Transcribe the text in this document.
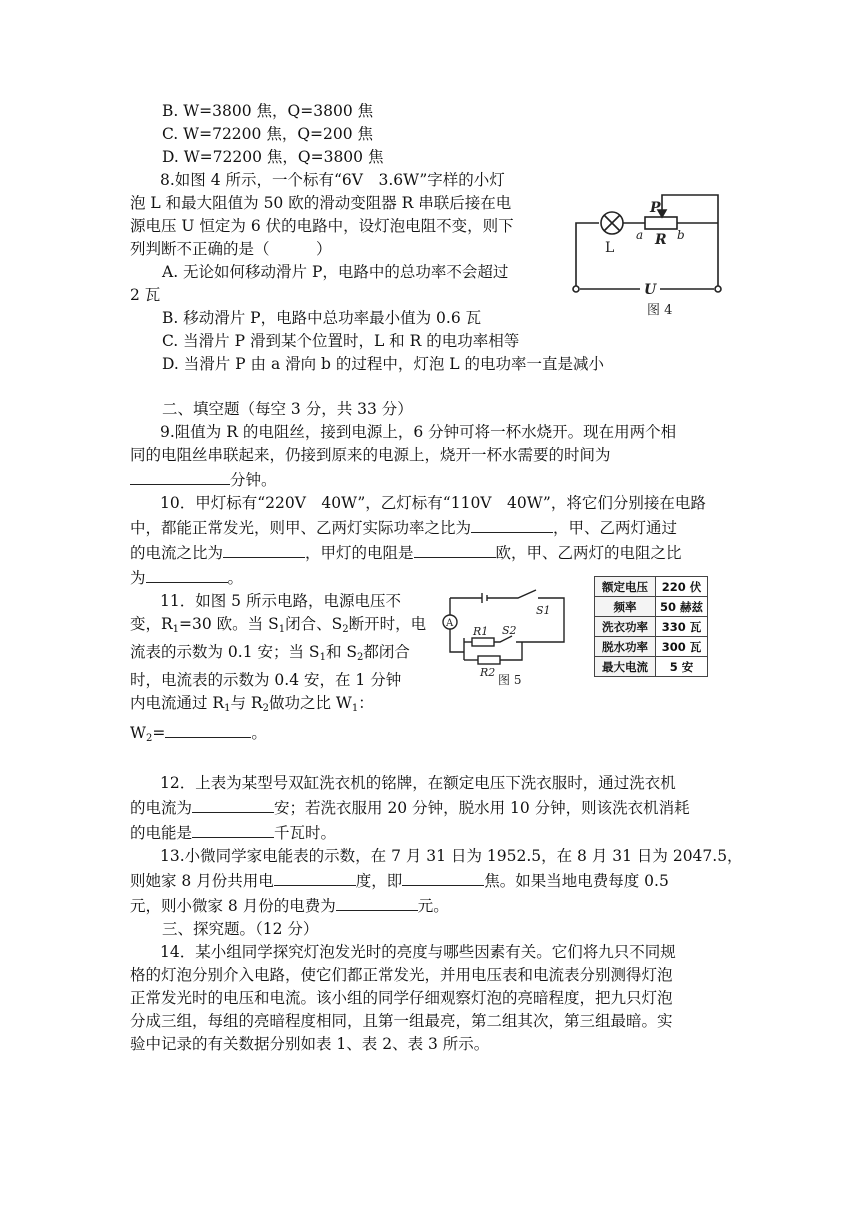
B. W=3800 焦，Q=3800 焦
C. W=72200 焦，Q=200 焦
D. W=72200 焦，Q=3800 焦
8.如图 4 所示，一个标有“6V　3.6W”字样的小灯
泡 L 和最大阻值为 50 欧的滑动变阻器 R 串联后接在电
源电压 U 恒定为 6 伏的电路中，设灯泡电阻不变，则下
列判断不正确的是（　　　）
A. 无论如何移动滑片 P，电路中的总功率不会超过
2 瓦
B. 移动滑片 P，电路中总功率最小值为 0.6 瓦
C. 当滑片 P 滑到某个位置时，L 和 R 的电功率相等
D. 当滑片 P 由 a 滑向 b 的过程中，灯泡 L 的电功率一直是减小
二、填空题（每空 3 分，共 33 分）
9.阻值为 R 的电阻丝，接到电源上，6 分钟可将一杯水烧开。现在用两个相
同的电阻丝串联起来，仍接到原来的电源上，烧开一杯水需要的时间为
分钟。
10．甲灯标有“220V　40W”，乙灯标有“110V　40W”，将它们分别接在电路
中，都能正常发光，则甲、乙两灯实际功率之比为	，甲、乙两灯通过
的电流之比为	，甲灯的电阻是	欧，甲、乙两灯的电阻之比
为	。
11．如图 5 所示电路，电源电压不
变，$R_1=30$ 欧。当 $S_1$闭合、$S_2$断开时，电
流表的示数为 0.1 安；当 $S_1$和 $S_2$都闭合
时，电流表的示数为 0.4 安，在 1 分钟
内电流通过 $R_1$与 $R_2$做功之比 $W_1$：
$W_2=$	。
12．上表为某型号双缸洗衣机的铭牌，在额定电压下洗衣服时，通过洗衣机
的电流为	安；若洗衣服用 20 分钟，脱水用 10 分钟，则该洗衣机消耗
的电能是	千瓦时。
13.小微同学家电能表的示数，在 7 月 31 日为 1952.5，在 8 月 31 日为 2047.5，
则她家 8 月份共用电	度，即	焦。如果当地电费每度 0.5
元，则小微家 8 月份的电费为	元。
三、探究题。（12 分）
14．某小组同学探究灯泡发光时的亮度与哪些因素有关。它们将九只不同规
格的灯泡分别介入电路，使它们都正常发光，并用电压表和电流表分别测得灯泡
正常发光时的电压和电流。该小组的同学仔细观察灯泡的亮暗程度，把九只灯泡
分成三组，每组的亮暗程度相同，且第一组最亮，第二组其次，第三组最暗。实
验中记录的有关数据分别如表 1、表 2、表 3 所示。
L
P
a R b
U
图 4
A
S1
R1 S2
R2
图 5
额定电压	220 伏
频率	50 赫兹
洗衣功率	330 瓦
脱水功率	300 瓦
最大电流	5 安
